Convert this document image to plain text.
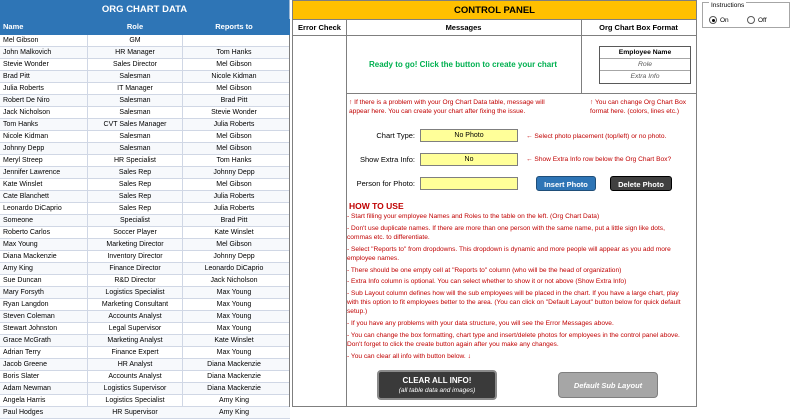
ORG CHART DATA
Name	Role	Reports to
Mel Gibson	GM
John Malkovich	HR Manager	Tom Hanks
Stevie Wonder	Sales Director	Mel Gibson
Brad Pitt	Salesman	Nicole Kidman
Julia Roberts	IT Manager	Mel Gibson
Robert De Niro	Salesman	Brad Pitt
Jack Nicholson	Salesman	Stevie Wonder
Tom Hanks	CVT Sales Manager	Julia Roberts
Nicole Kidman	Salesman	Mel Gibson
Johnny Depp	Salesman	Mel Gibson
Meryl Streep	HR Specialist	Tom Hanks
Jennifer Lawrence	Sales Rep	Johnny Depp
Kate Winslet	Sales Rep	Mel Gibson
Cate Blanchett	Sales Rep	Julia Roberts
Leonardo DiCaprio	Sales Rep	Julia Roberts
Someone	Specialist	Brad Pitt
Roberto Carlos	Soccer Player	Kate Winslet
Max Young	Marketing Director	Mel Gibson
Diana Mackenzie	Inventory Director	Johnny Depp
Amy King	Finance Director	Leonardo DiCaprio
Sue Duncan	R&D Director	Jack Nicholson
Mary Forsyth	Logistics Specialist	Max Young
Ryan Langdon	Marketing Consultant	Max Young
Steven Coleman	Accounts Analyst	Max Young
Stewart Johnston	Legal Supervisor	Max Young
Grace McGrath	Marketing Analyst	Kate Winslet
Adrian Terry	Finance Expert	Max Young
Jacob Greene	HR Analyst	Diana Mackenzie
Boris Slater	Accounts Analyst	Diana Mackenzie
Adam Newman	Logistics Supervisor	Diana Mackenzie
Angela Harris	Logistics Specialist	Amy King
Paul Hodges	HR Supervisor	Amy King
CONTROL PANEL
Error Check	Messages	Org Chart Box Format
Ready to go! Click the button to create your chart
Employee Name
Role
Extra Info
↑ If there is a problem with your Org Chart Data table, message will appear here. You can create your chart after fixing the issue.
↑ You can change Org Chart Box format here. (colors, lines etc.)
Chart Type:	No Photo	← Select photo placement (top/left) or no photo.
Show Extra Info:	No	← Show Extra Info row below the Org Chart Box?
Person for Photo:	Insert Photo	Delete Photo
HOW TO USE

- Start filling your employee Names and Roles to the table on the left. (Org Chart Data)

- Don't use duplicate names. If there are more than one person with the same name, put a little sign like dots, commas etc. to differentiate.

- Select "Reports to" from dropdowns. This dropdown is dynamic and more people will appear as you add more employee names.

- There should be one empty cell at "Reports to" column (who will be the head of organization)

- Extra Info column is optional. You can select whether to show it or not above (Show Extra Info)

- Sub Layout column defines how will the sub employees will be placed in the chart. If you have a large chart, play with this option to fit employees better to the area. (You can click on "Default Layout" button below for quick default setup.)

- If you have any problems with your data structure, you will see the Error Messages above.

- You can change the box formatting, chart type and insert/delete photos for employees in the control panel above. Don't forget to click the create button again after you make any changes.

- You can clear all info with button below. ↓

CLEAR ALL INFO!
(all table data and images)
Default Sub Layout
Instructions
On	Off
